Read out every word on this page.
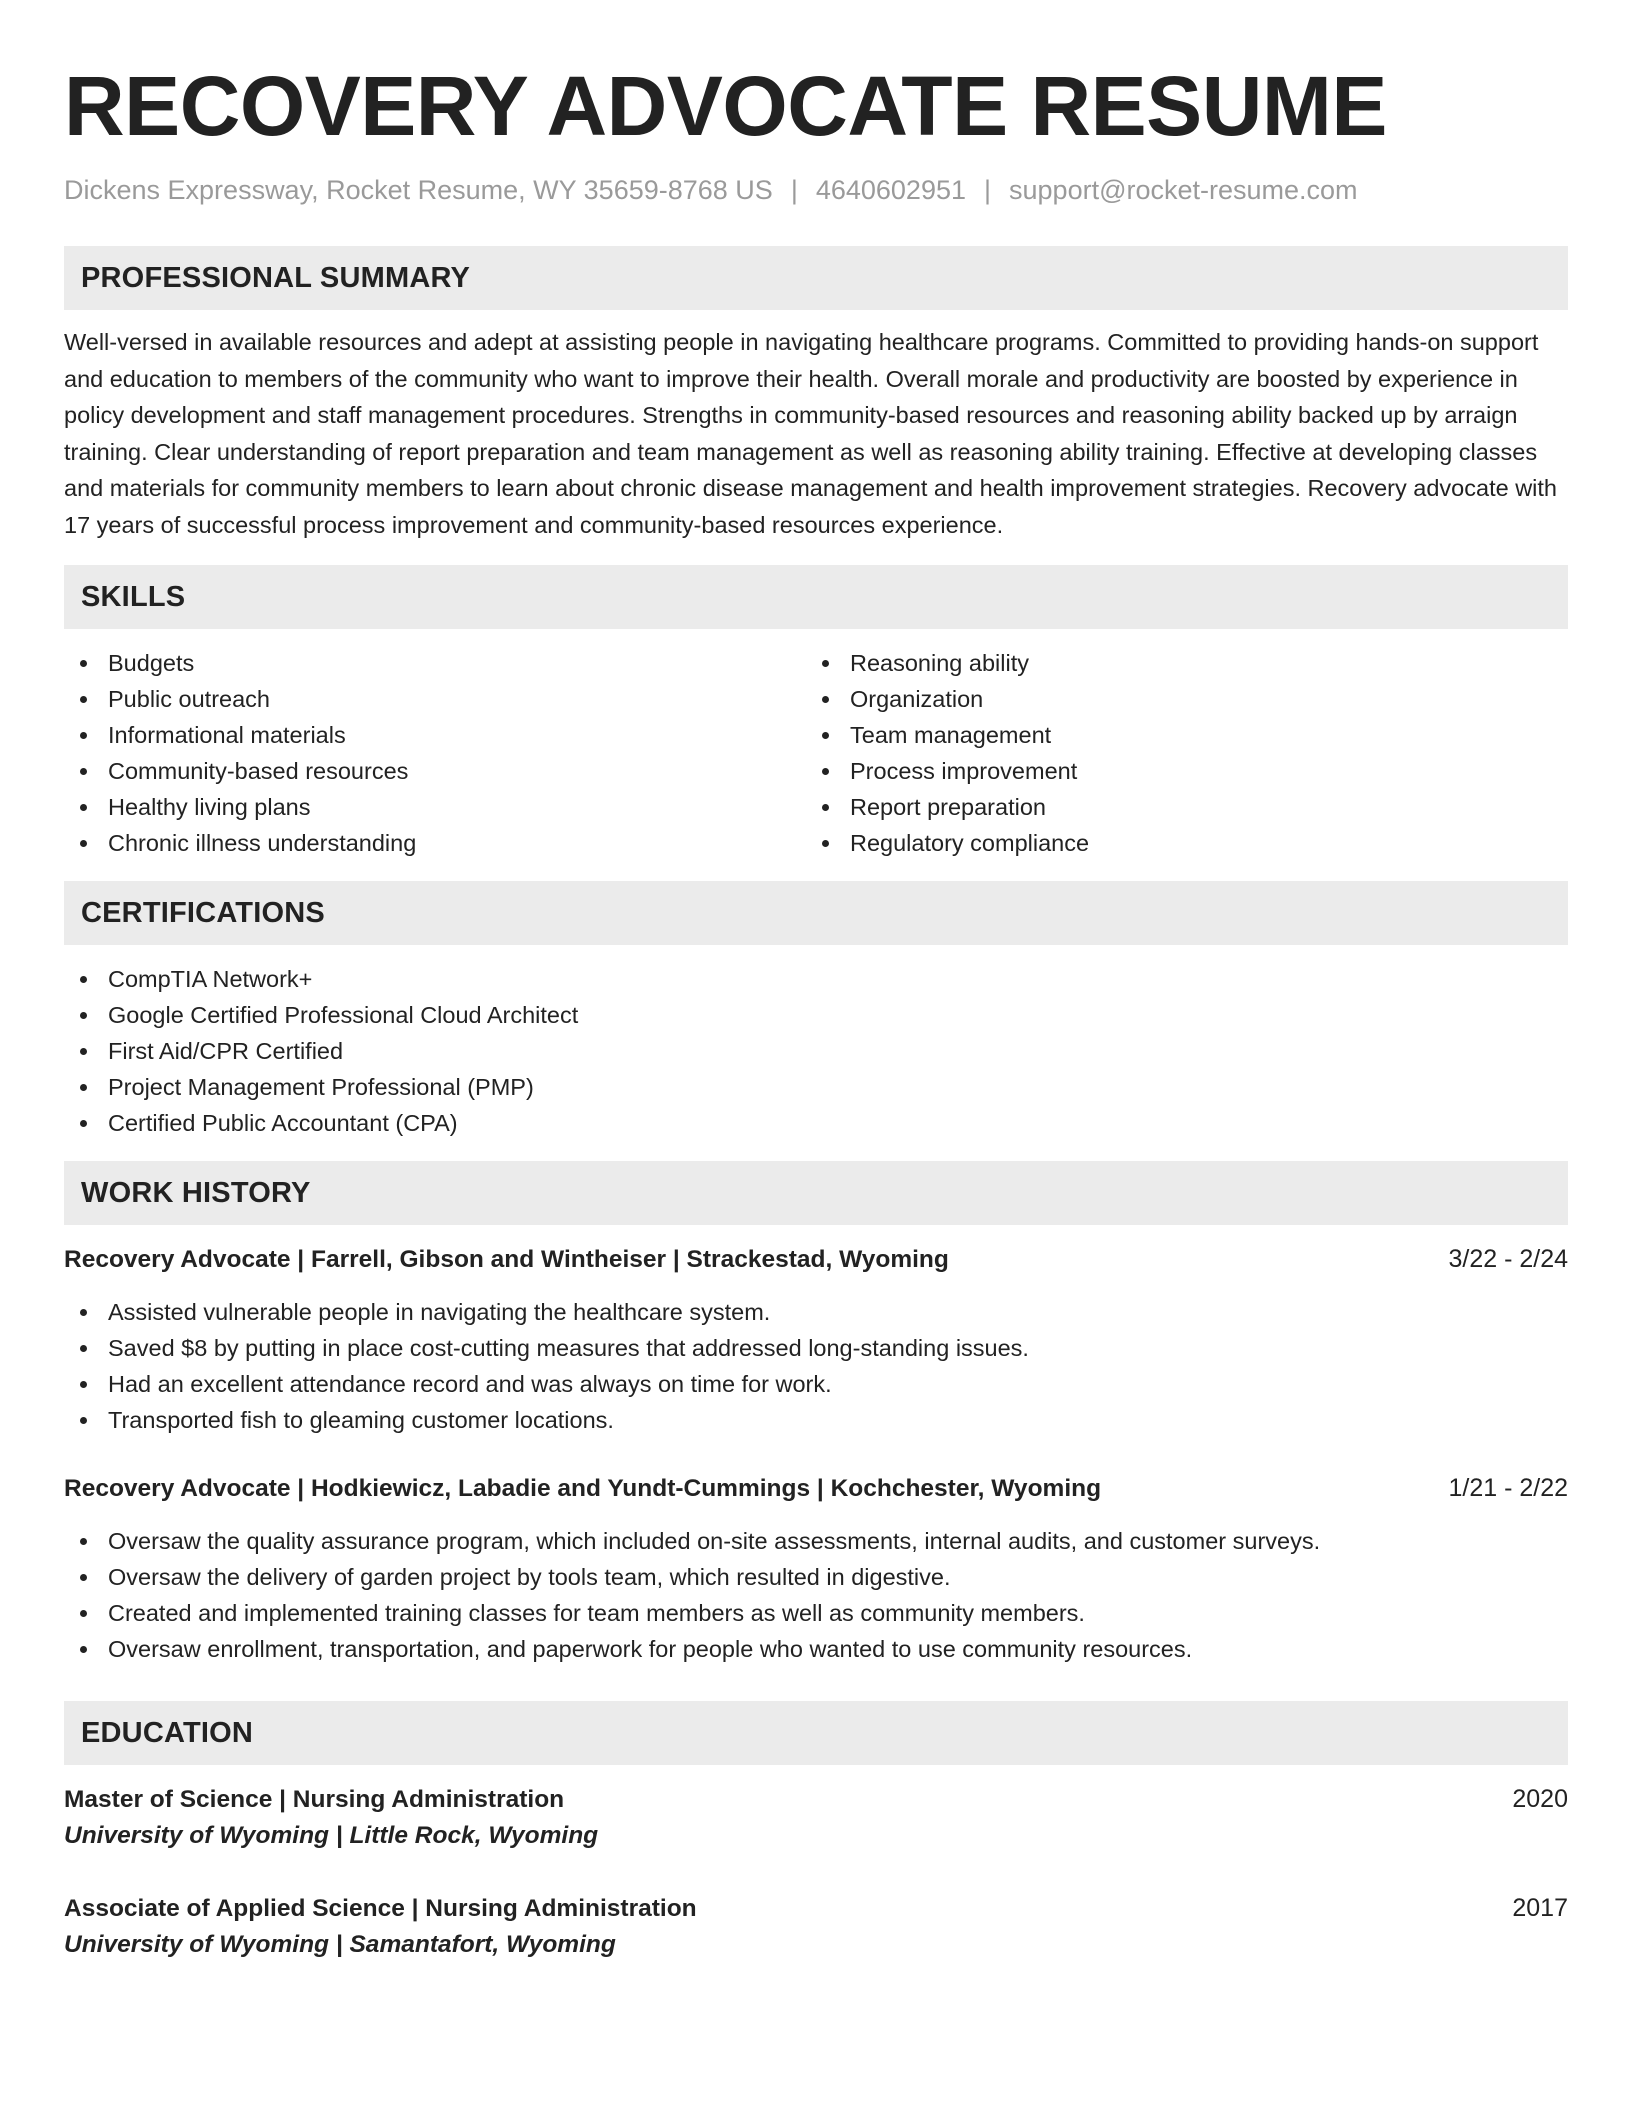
RECOVERY ADVOCATE RESUME
Dickens Expressway, Rocket Resume, WY 35659-8768 US | 4640602951 | support@rocket-resume.com
PROFESSIONAL SUMMARY

Well-versed in available resources and adept at assisting people in navigating healthcare programs. Committed to providing hands-on support and education to members of the community who want to improve their health. Overall morale and productivity are boosted by experience in policy development and staff management procedures. Strengths in community-based resources and reasoning ability backed up by arraign training. Clear understanding of report preparation and team management as well as reasoning ability training. Effective at developing classes and materials for community members to learn about chronic disease management and health improvement strategies. Recovery advocate with 17 years of successful process improvement and community-based resources experience.

SKILLS
Budgets
Public outreach
Informational materials
Community-based resources
Healthy living plans
Chronic illness understanding
Reasoning ability
Organization
Team management
Process improvement
Report preparation
Regulatory compliance
CERTIFICATIONS
CompTIA Network+
Google Certified Professional Cloud Architect
First Aid/CPR Certified
Project Management Professional (PMP)
Certified Public Accountant (CPA)
WORK HISTORY
Recovery Advocate | Farrell, Gibson and Wintheiser | Strackestad, Wyoming	3/22 - 2/24
Assisted vulnerable people in navigating the healthcare system.
Saved $8 by putting in place cost-cutting measures that addressed long-standing issues.
Had an excellent attendance record and was always on time for work.
Transported fish to gleaming customer locations.
Recovery Advocate | Hodkiewicz, Labadie and Yundt-Cummings | Kochchester, Wyoming	1/21 - 2/22
Oversaw the quality assurance program, which included on-site assessments, internal audits, and customer surveys.
Oversaw the delivery of garden project by tools team, which resulted in digestive.
Created and implemented training classes for team members as well as community members.
Oversaw enrollment, transportation, and paperwork for people who wanted to use community resources.
EDUCATION
Master of Science | Nursing Administration	2020
University of Wyoming | Little Rock, Wyoming
Associate of Applied Science | Nursing Administration	2017
University of Wyoming | Samantafort, Wyoming
